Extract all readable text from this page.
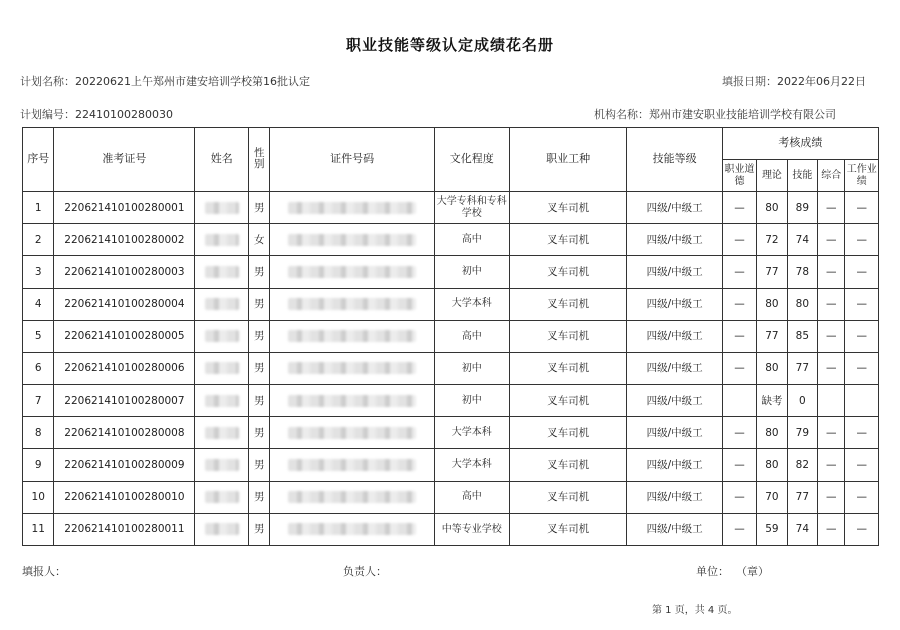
职业技能等级认定成绩花名册
计划名称：20220621上午郑州市建安培训学校第16批认定	填报日期：2022年06月22日
计划编号：22410100280030	机构名称：郑州市建安职业技能培训学校有限公司
序号	准考证号	姓名	性别	证件号码	文化程度	职业工种	技能等级	考核成绩				
								职业道德	理论	技能	综合	工作业绩
1	220621410100280001		男		大学专科和专科学校	叉车司机	四级/中级工	—	80	89	—	—
2	220621410100280002		女		高中	叉车司机	四级/中级工	—	72	74	—	—
3	220621410100280003		男		初中	叉车司机	四级/中级工	—	77	78	—	—
4	220621410100280004		男		大学本科	叉车司机	四级/中级工	—	80	80	—	—
5	220621410100280005		男		高中	叉车司机	四级/中级工	—	77	85	—	—
6	220621410100280006		男		初中	叉车司机	四级/中级工	—	80	77	—	—
7	220621410100280007		男		初中	叉车司机	四级/中级工		缺考	0		
8	220621410100280008		男		大学本科	叉车司机	四级/中级工	—	80	79	—	—
9	220621410100280009		男		大学本科	叉车司机	四级/中级工	—	80	82	—	—
10	220621410100280010		男		高中	叉车司机	四级/中级工	—	70	77	—	—
11	220621410100280011		男		中等专业学校	叉车司机	四级/中级工	—	59	74	—	—
填报人：	负责人：	单位： （章）
第 1 页，共 4 页。
